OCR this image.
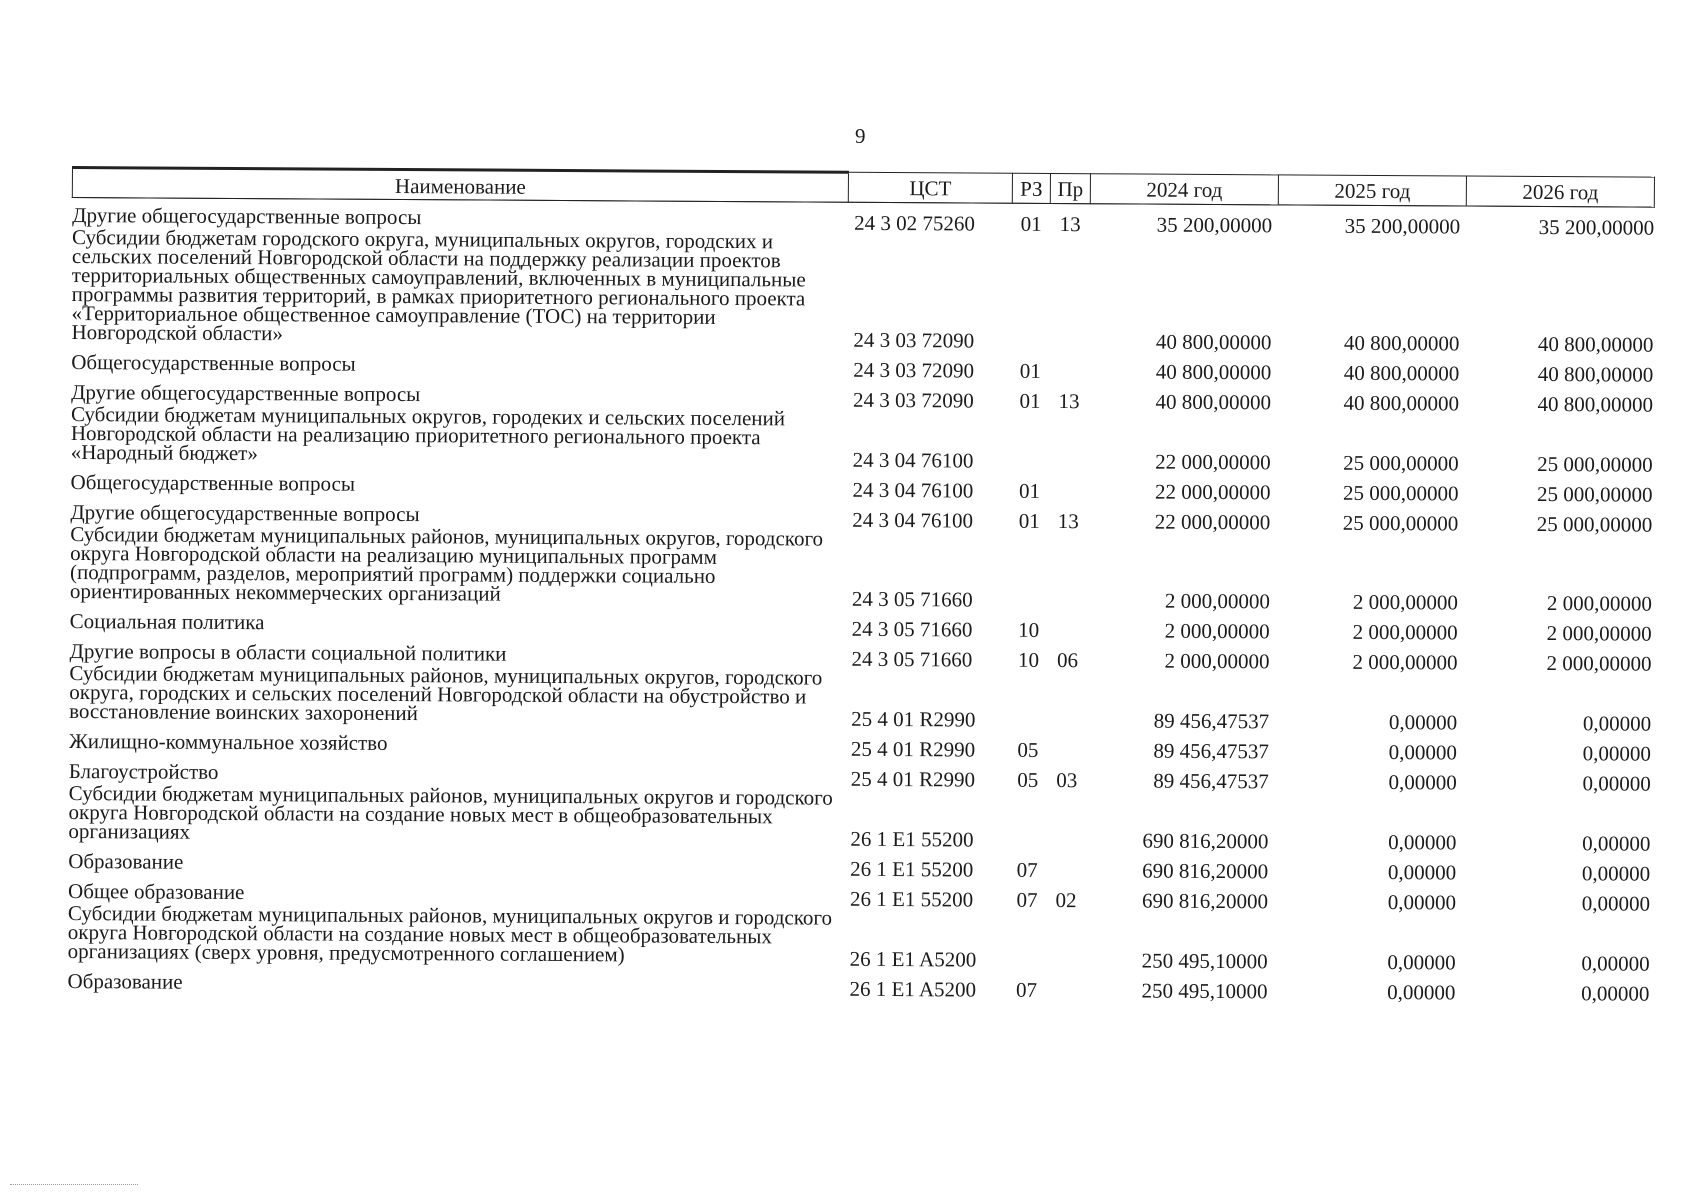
9
Наименование	ЦСТ	РЗ	Пр	2024 год	2025 год	2026 год
Другие общегосударственные вопросы	24 3 02 75260	01	13	35 200,00000	35 200,00000	35 200,00000
Субсидии бюджетам городского округа, муниципальных округов, городских и сельских поселений Новгородской области на поддержку реализации проектов территориальных общественных самоуправлений, включенных в муниципальные программы развития территорий, в рамках приоритетного регионального проекта «Территориальное общественное самоуправление (ТОС) на территории Новгородской области»	24 3 03 72090			40 800,00000	40 800,00000	40 800,00000
Общегосударственные вопросы	24 3 03 72090	01		40 800,00000	40 800,00000	40 800,00000
Другие общегосударственные вопросы	24 3 03 72090	01	13	40 800,00000	40 800,00000	40 800,00000
Субсидии бюджетам муниципальных округов, городеких и сельских поселений Новгородской области на реализацию приоритетного регионального проекта «Народный бюджет»	24 3 04 76100			22 000,00000	25 000,00000	25 000,00000
Общегосударственные вопросы	24 3 04 76100	01		22 000,00000	25 000,00000	25 000,00000
Другие общегосударственные вопросы	24 3 04 76100	01	13	22 000,00000	25 000,00000	25 000,00000
Субсидии бюджетам муниципальных районов, муниципальных округов, городского округа Новгородской области на реализацию муниципальных программ (подпрограмм, разделов, мероприятий программ) поддержки социально ориентированных некоммерческих организаций	24 3 05 71660			2 000,00000	2 000,00000	2 000,00000
Социальная политика	24 3 05 71660	10		2 000,00000	2 000,00000	2 000,00000
Другие вопросы в области социальной политики	24 3 05 71660	10	06	2 000,00000	2 000,00000	2 000,00000
Субсидии бюджетам муниципальных районов, муниципальных округов, городского округа, городских и сельских поселений Новгородской области на обустройство и восстановление воинских захоронений	25 4 01 R2990			89 456,47537	0,00000	0,00000
Жилищно-коммунальное хозяйство	25 4 01 R2990	05		89 456,47537	0,00000	0,00000
Благоустройство	25 4 01 R2990	05	03	89 456,47537	0,00000	0,00000
Субсидии бюджетам муниципальных районов, муниципальных округов и городского округа Новгородской области на создание новых мест в общеобразовательных организациях	26 1 E1 55200			690 816,20000	0,00000	0,00000
Образование	26 1 E1 55200	07		690 816,20000	0,00000	0,00000
Общее образование	26 1 E1 55200	07	02	690 816,20000	0,00000	0,00000
Субсидии бюджетам муниципальных районов, муниципальных округов и городского округа Новгородской области на создание новых мест в общеобразовательных организациях (сверх уровня, предусмотренного соглашением)	26 1 E1 A5200			250 495,10000	0,00000	0,00000
Образование	26 1 E1 A5200	07		250 495,10000	0,00000	0,00000
